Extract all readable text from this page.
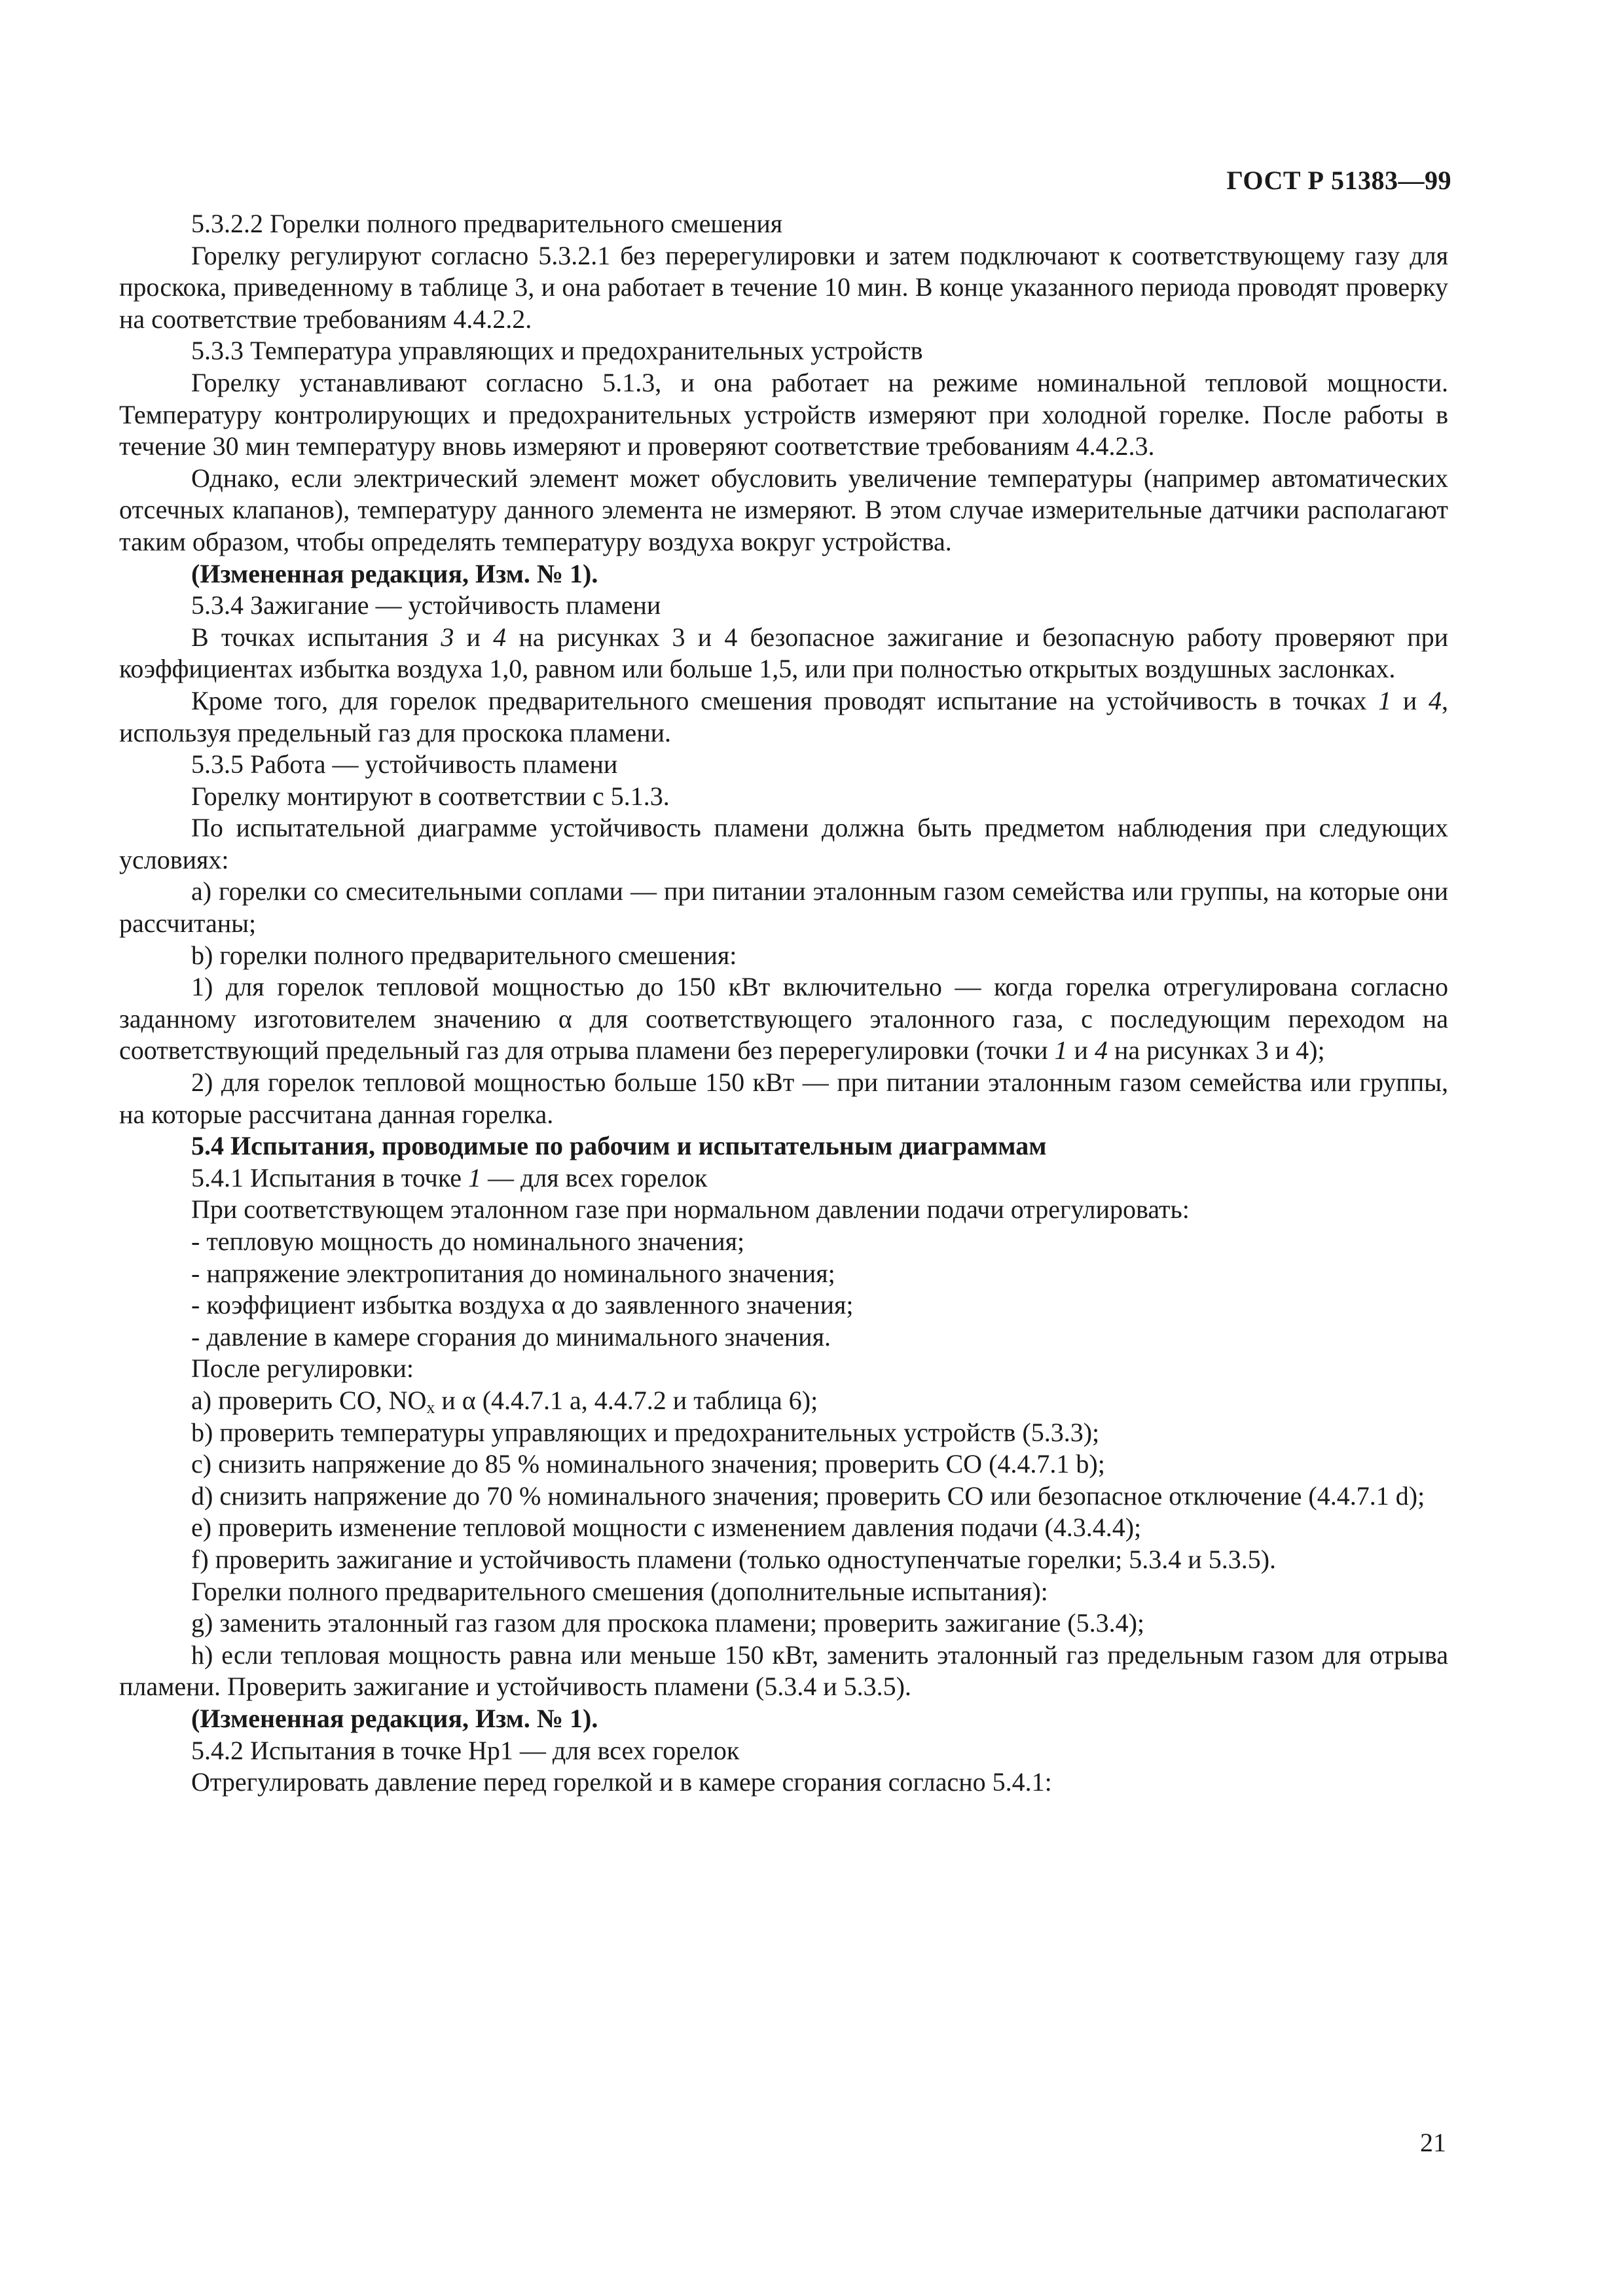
ГОСТ Р 51383—99

5.3.2.2 Горелки полного предварительного смешения

Горелку регулируют согласно 5.3.2.1 без перерегулировки и затем подключают к соответствующему газу для проскока, приведенному в таблице 3, и она работает в течение 10 мин. В конце указанного периода проводят проверку на соответствие требованиям 4.4.2.2.

5.3.3 Температура управляющих и предохранительных устройств

Горелку устанавливают согласно 5.1.3, и она работает на режиме номинальной тепловой мощности. Температуру контролирующих и предохранительных устройств измеряют при холодной горелке. После работы в течение 30 мин температуру вновь измеряют и проверяют соответствие требованиям 4.4.2.3.

Однако, если электрический элемент может обусловить увеличение температуры (например автоматических отсечных клапанов), температуру данного элемента не измеряют. В этом случае измерительные датчики располагают таким образом, чтобы определять температуру воздуха вокруг устройства.

(Измененная редакция, Изм. № 1).

5.3.4 Зажигание — устойчивость пламени

В точках испытания 3 и 4 на рисунках 3 и 4 безопасное зажигание и безопасную работу проверяют при коэффициентах избытка воздуха 1,0, равном или больше 1,5, или при полностью открытых воздушных заслонках.

Кроме того, для горелок предварительного смешения проводят испытание на устойчивость в точках 1 и 4, используя предельный газ для проскока пламени.

5.3.5 Работа — устойчивость пламени

Горелку монтируют в соответствии с 5.1.3.

По испытательной диаграмме устойчивость пламени должна быть предметом наблюдения при следующих условиях:

а) горелки со смесительными соплами — при питании эталонным газом семейства или группы, на которые они рассчитаны;

b) горелки полного предварительного смешения:

1) для горелок тепловой мощностью до 150 кВт включительно — когда горелка отрегулирована согласно заданному изготовителем значению α для соответствующего эталонного газа, с последующим переходом на соответствующий предельный газ для отрыва пламени без перерегулировки (точки 1 и 4 на рисунках 3 и 4);

2) для горелок тепловой мощностью больше 150 кВт — при питании эталонным газом семейства или группы, на которые рассчитана данная горелка.

5.4 Испытания, проводимые по рабочим и испытательным диаграммам

5.4.1 Испытания в точке 1 — для всех горелок

При соответствующем эталонном газе при нормальном давлении подачи отрегулировать:

- тепловую мощность до номинального значения;

- напряжение электропитания до номинального значения;

- коэффициент избытка воздуха α до заявленного значения;

- давление в камере сгорания до минимального значения.

После регулировки:

а) проверить CO, $NO_x$ и α (4.4.7.1 а, 4.4.7.2 и таблица 6);

b) проверить температуры управляющих и предохранительных устройств (5.3.3);

c) снизить напряжение до 85 % номинального значения; проверить CO (4.4.7.1 b);

d) снизить напряжение до 70 % номинального значения; проверить CO или безопасное отключение (4.4.7.1 d);

e) проверить изменение тепловой мощности с изменением давления подачи (4.3.4.4);

f) проверить зажигание и устойчивость пламени (только одноступенчатые горелки; 5.3.4 и 5.3.5).

Горелки полного предварительного смешения (дополнительные испытания):

g) заменить эталонный газ газом для проскока пламени; проверить зажигание (5.3.4);

h) если тепловая мощность равна или меньше 150 кВт, заменить эталонный газ предельным газом для отрыва пламени. Проверить зажигание и устойчивость пламени (5.3.4 и 5.3.5).

(Измененная редакция, Изм. № 1).

5.4.2 Испытания в точке Hp1 — для всех горелок

Отрегулировать давление перед горелкой и в камере сгорания согласно 5.4.1:

21
